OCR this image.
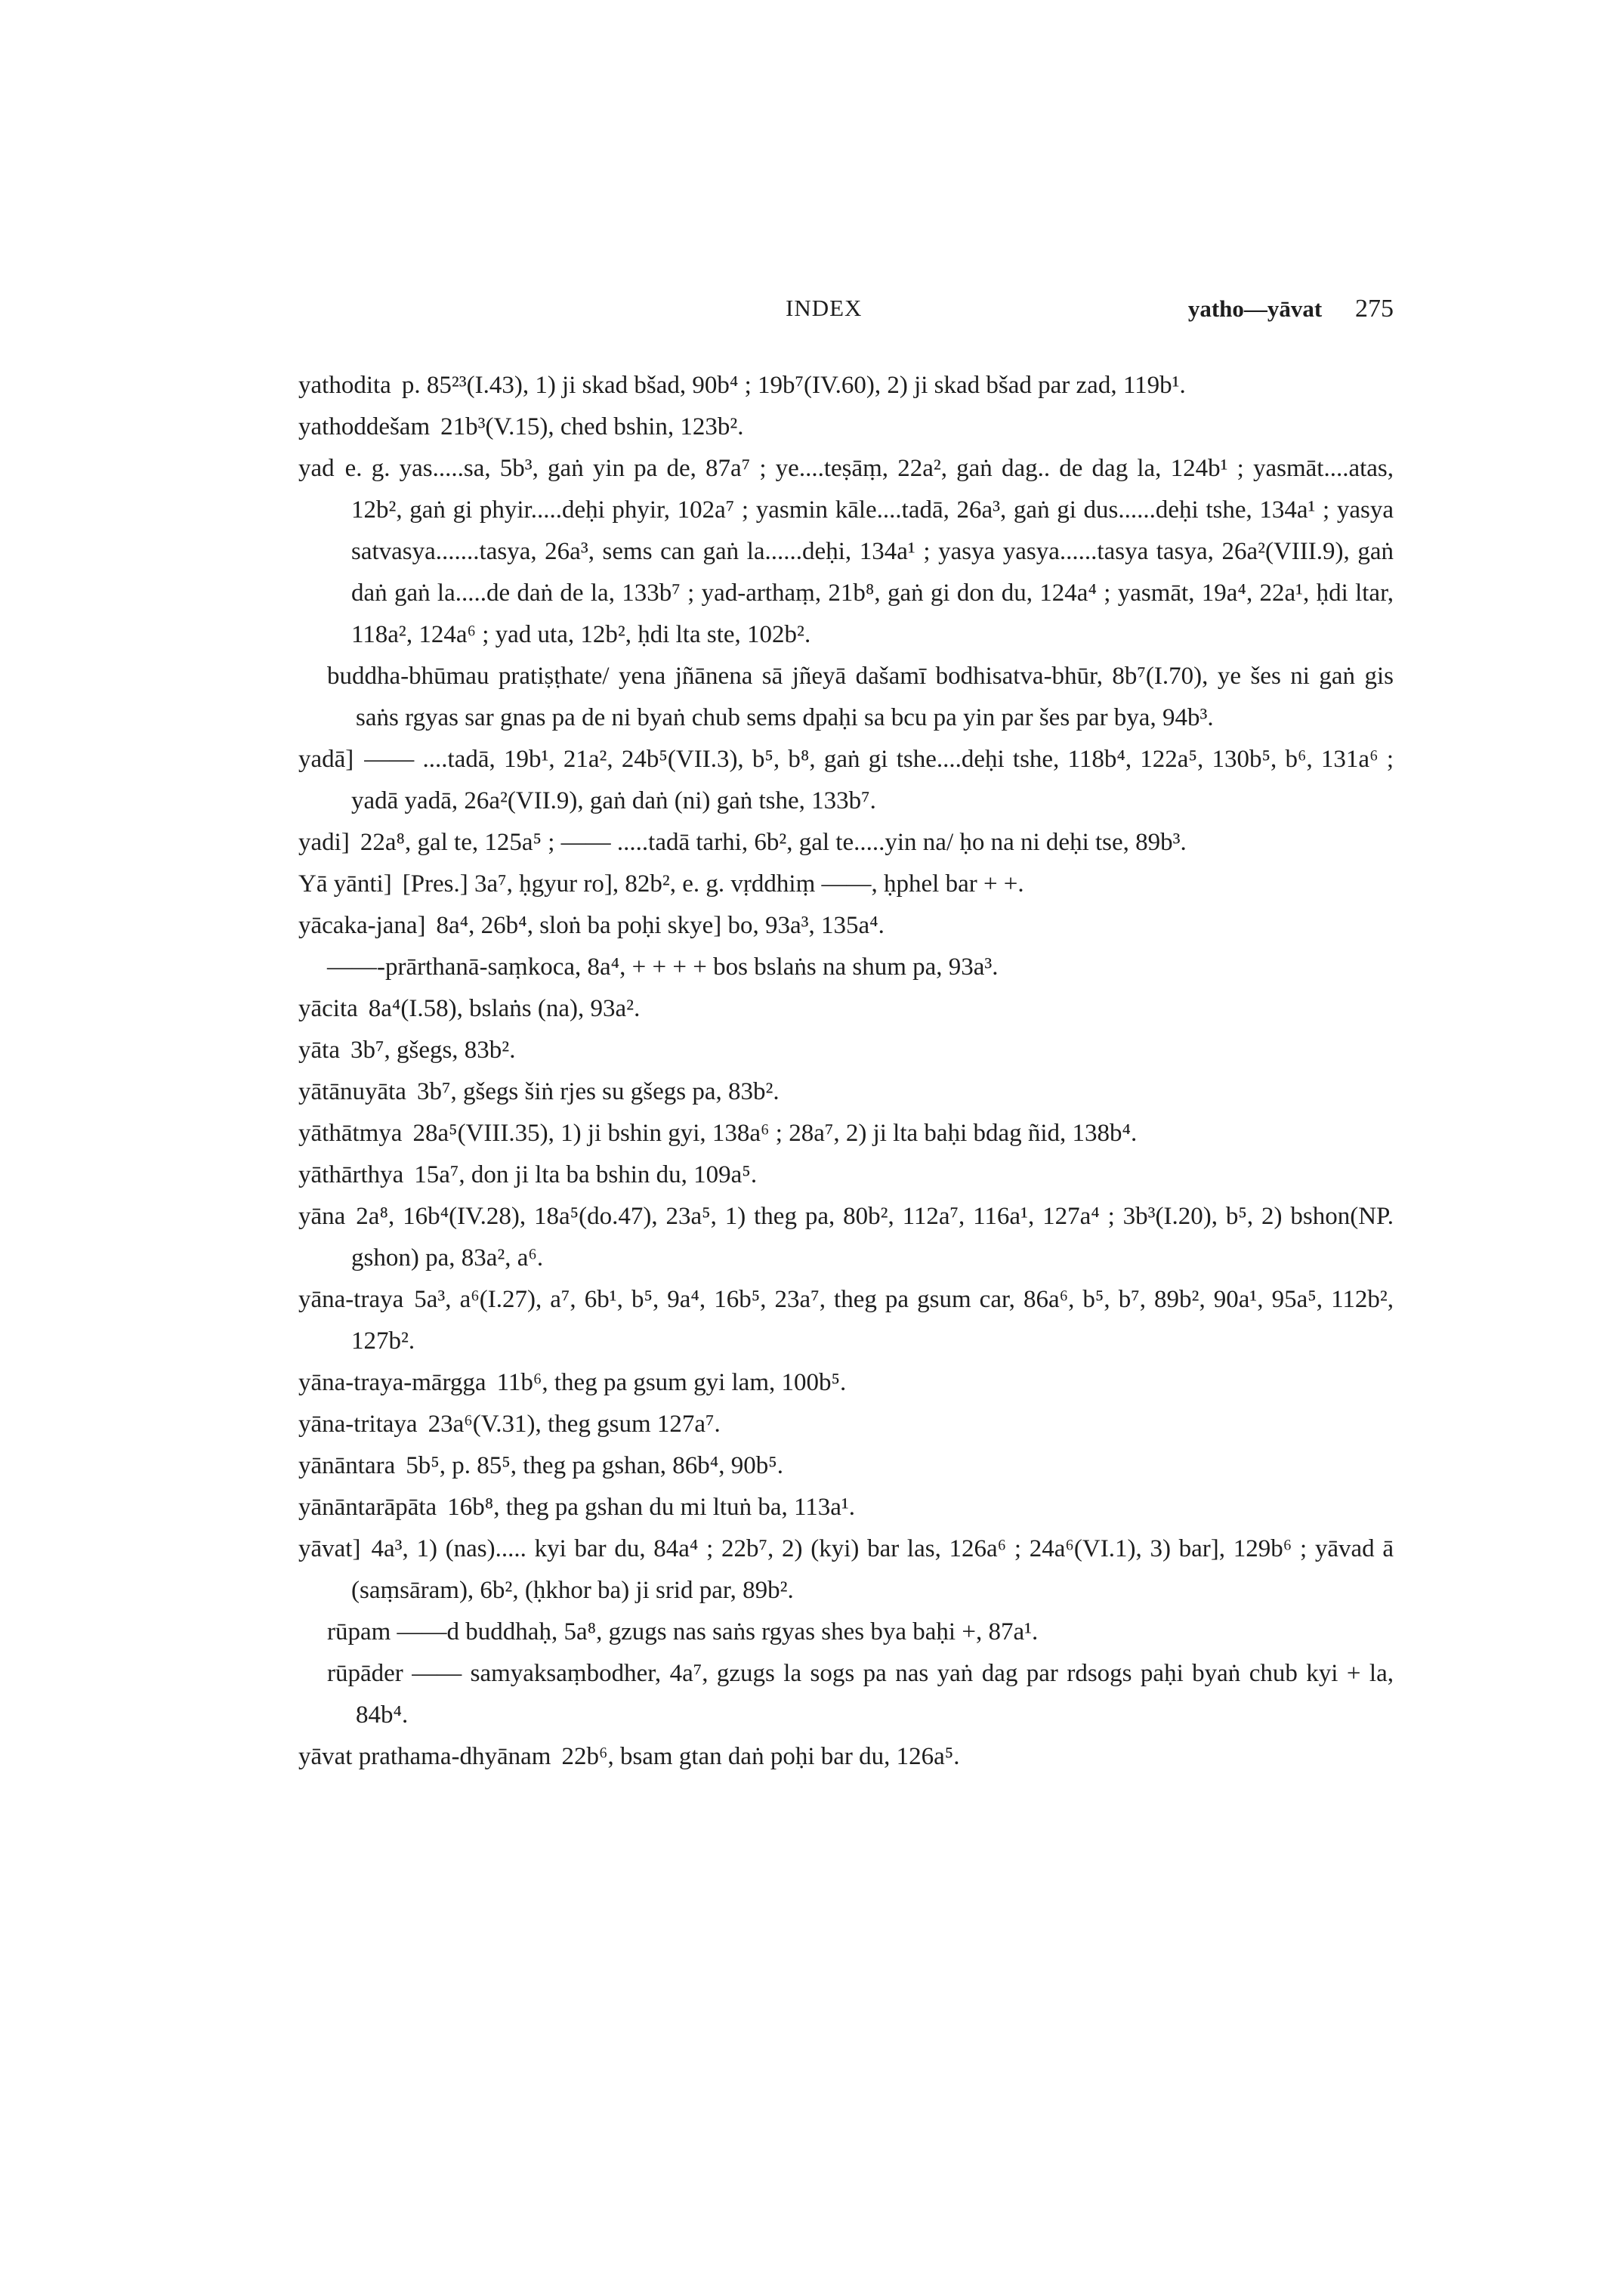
INDEX	yatho—yāvat 275

yathodita p. 85²³(I.43), 1) ji skad bšad, 90b⁴ ; 19b⁷(IV.60), 2) ji skad bšad par zad, 119b¹.

yathoddešam 21b³(V.15), ched bshin, 123b².

yad e. g. yas.....sa, 5b³, gaṅ yin pa de, 87a⁷ ; ye....teṣāṃ, 22a², gaṅ dag.. de dag la, 124b¹ ; yasmāt....atas, 12b², gaṅ gi phyir.....deḥi phyir, 102a⁷ ; yasmin kāle....tadā, 26a³, gaṅ gi dus......deḥi tshe, 134a¹ ; yasya satvasya.......tasya, 26a³, sems can gaṅ la......deḥi, 134a¹ ; yasya yasya......tasya tasya, 26a²(VIII.9), gaṅ daṅ gaṅ la.....de daṅ de la, 133b⁷ ; yad-arthaṃ, 21b⁸, gaṅ gi don du, 124a⁴ ; yasmāt, 19a⁴, 22a¹, ḥdi ltar, 118a², 124a⁶ ; yad uta, 12b², ḥdi lta ste, 102b².

buddha-bhūmau pratiṣṭhate/ yena jñānena sā jñeyā dašamī bodhisatva-bhūr, 8b⁷(I.70), ye šes ni gaṅ gis saṅs rgyas sar gnas pa de ni byaṅ chub sems dpaḥi sa bcu pa yin par šes par bya, 94b³.

yadā] —— ....tadā, 19b¹, 21a², 24b⁵(VII.3), b⁵, b⁸, gaṅ gi tshe....deḥi tshe, 118b⁴, 122a⁵, 130b⁵, b⁶, 131a⁶ ; yadā yadā, 26a²(VII.9), gaṅ daṅ (ni) gaṅ tshe, 133b⁷.

yadi] 22a⁸, gal te, 125a⁵ ; —— .....tadā tarhi, 6b², gal te.....yin na/ ḥo na ni deḥi tse, 89b³.

Yā yānti] [Pres.] 3a⁷, ḥgyur ro], 82b², e. g. vṛddhiṃ ——, ḥphel bar + +.

yācaka-jana] 8a⁴, 26b⁴, sloṅ ba poḥi skye] bo, 93a³, 135a⁴.

——-prārthanā-saṃkoca, 8a⁴, + + + + bos bslaṅs na shum pa, 93a³.

yācita 8a⁴(I.58), bslaṅs (na), 93a².

yāta 3b⁷, gšegs, 83b².

yātānuyāta 3b⁷, gšegs šiṅ rjes su gšegs pa, 83b².

yāthātmya 28a⁵(VIII.35), 1) ji bshin gyi, 138a⁶ ; 28a⁷, 2) ji lta baḥi bdag ñid, 138b⁴.

yāthārthya 15a⁷, don ji lta ba bshin du, 109a⁵.

yāna 2a⁸, 16b⁴(IV.28), 18a⁵(do.47), 23a⁵, 1) theg pa, 80b², 112a⁷, 116a¹, 127a⁴ ; 3b³(I.20), b⁵, 2) bshon(NP. gshon) pa, 83a², a⁶.

yāna-traya 5a³, a⁶(I.27), a⁷, 6b¹, b⁵, 9a⁴, 16b⁵, 23a⁷, theg pa gsum car, 86a⁶, b⁵, b⁷, 89b², 90a¹, 95a⁵, 112b², 127b².

yāna-traya-mārgga 11b⁶, theg pa gsum gyi lam, 100b⁵.

yāna-tritaya 23a⁶(V.31), theg gsum 127a⁷.

yānāntara 5b⁵, p. 85⁵, theg pa gshan, 86b⁴, 90b⁵.

yānāntarāpāta 16b⁸, theg pa gshan du mi ltuṅ ba, 113a¹.

yāvat] 4a³, 1) (nas)..... kyi bar du, 84a⁴ ; 22b⁷, 2) (kyi) bar las, 126a⁶ ; 24a⁶(VI.1), 3) bar], 129b⁶ ; yāvad ā (saṃsāram), 6b², (ḥkhor ba) ji srid par, 89b².

rūpam ——d buddhaḥ, 5a⁸, gzugs nas saṅs rgyas shes bya baḥi +, 87a¹.

rūpāder —— samyaksaṃbodher, 4a⁷, gzugs la sogs pa nas yaṅ dag par rdsogs paḥi byaṅ chub kyi + la, 84b⁴.

yāvat prathama-dhyānam 22b⁶, bsam gtan daṅ poḥi bar du, 126a⁵.
